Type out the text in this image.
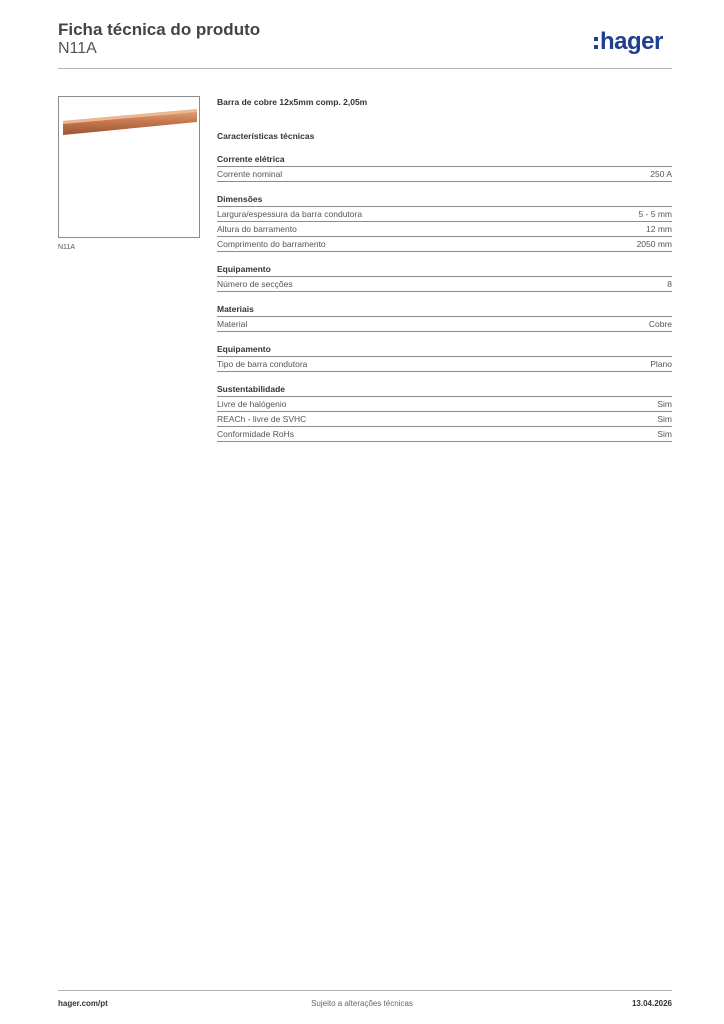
Ficha técnica do produto
N11A	hager
N11A
Barra de cobre 12x5mm comp. 2,05m
Características técnicas
Corrente elétrica
Corrente nominal	250 A
Dimensões
Largura/espessura da barra condutora	5 - 5 mm
Altura do barramento	12 mm
Comprimento do barramento	2050 mm
Equipamento
Número de secções	8
Materiais
Material	Cobre
Equipamento
Tipo de barra condutora	Plano
Sustentabilidade
Livre de halógenio	Sim
REACh - livre de SVHC	Sim
Conformidade RoHs	Sim
hager.com/pt	Sujeito a alterações técnicas	13.04.2026
